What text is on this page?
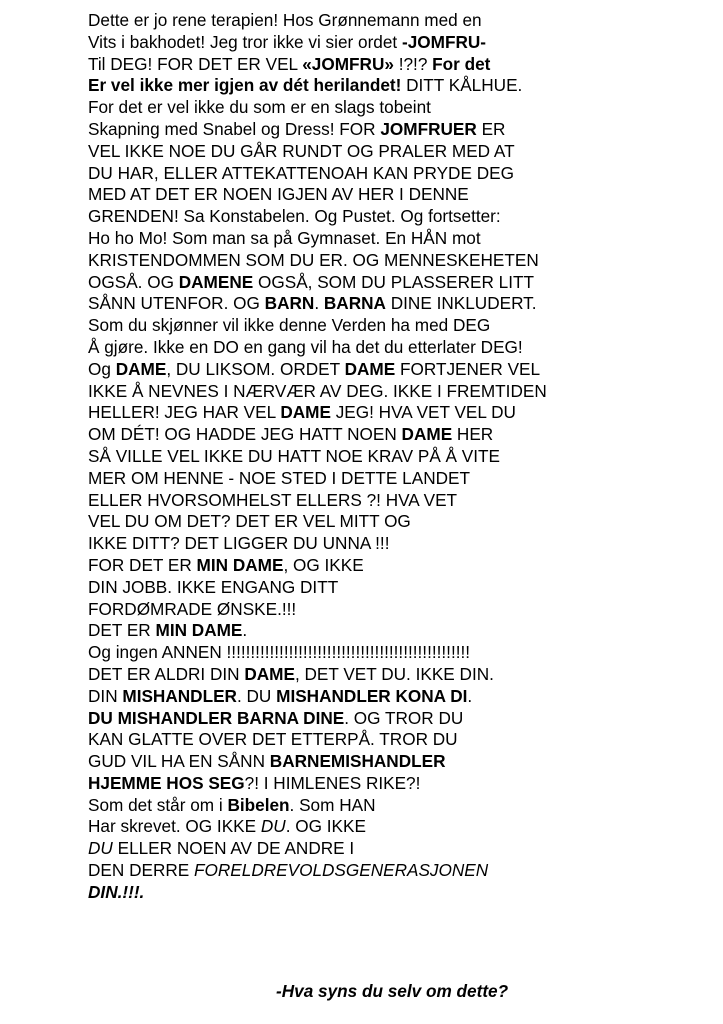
Dette er jo rene terapien! Hos Grønnemann med en
Vits i bakhodet! Jeg tror ikke vi sier ordet -JOMFRU-
Til DEG! FOR DET ER VEL «JOMFRU» !?!? For det
Er vel ikke mer igjen av dét herilandet! DITT KÅLHUE.
For det er vel ikke du som er en slags tobeint
Skapning med Snabel og Dress! FOR JOMFRUER ER
VEL IKKE NOE DU GÅR RUNDT OG PRALER MED AT
DU HAR, ELLER ATTEKATTENOAH KAN PRYDE DEG
MED AT DET ER NOEN IGJEN AV HER I DENNE
GRENDEN! Sa Konstabelen. Og Pustet. Og fortsetter:
Ho ho Mo! Som man sa på Gymnaset. En HÅN mot
KRISTENDOMMEN SOM DU ER. OG MENNESKEHETEN
OGSÅ. OG DAMENE OGSÅ, SOM DU PLASSERER LITT
SÅNN UTENFOR. OG BARN. BARNA DINE INKLUDERT.
Som du skjønner vil ikke denne Verden ha med DEG
Å gjøre. Ikke en DO en gang vil ha det du etterlater DEG!
Og DAME, DU LIKSOM. ORDET DAME FORTJENER VEL
IKKE Å NEVNES I NÆRVÆR AV DEG. IKKE I FREMTIDEN
HELLER! JEG HAR VEL DAME JEG! HVA VET VEL DU
OM DÉT! OG HADDE JEG HATT NOEN DAME HER
SÅ VILLE VEL IKKE DU HATT NOE KRAV PÅ Å VITE
MER OM HENNE - NOE STED I DETTE LANDET
ELLER HVORSOMHELST ELLERS ?! HVA VET
VEL DU OM DET? DET ER VEL MITT OG
IKKE DITT? DET LIGGER DU UNNA !!!
FOR DET ER MIN DAME, OG IKKE
DIN JOBB. IKKE ENGANG DITT
FORDØMRADE ØNSKE.!!!
DET ER MIN DAME.
Og ingen ANNEN !!!!!!!!!!!!!!!!!!!!!!!!!!!!!!!!!!!!!!!!!!!!!!!!!!!
DET ER ALDRI DIN DAME, DET VET DU. IKKE DIN.
DIN MISHANDLER. DU MISHANDLER KONA DI.
DU MISHANDLER BARNA DINE. OG TROR DU
KAN GLATTE OVER DET ETTERPÅ. TROR DU
GUD VIL HA EN SÅNN BARNEMISHANDLER
HJEMME HOS SEG?! I HIMLENES RIKE?!
Som det står om i Bibelen. Som HAN
Har skrevet. OG IKKE DU. OG IKKE
DU ELLER NOEN AV DE ANDRE I
DEN DERRE FORELDREVOLDSGENERASJONEN
DIN.!!!.
-Hva syns du selv om dette?
